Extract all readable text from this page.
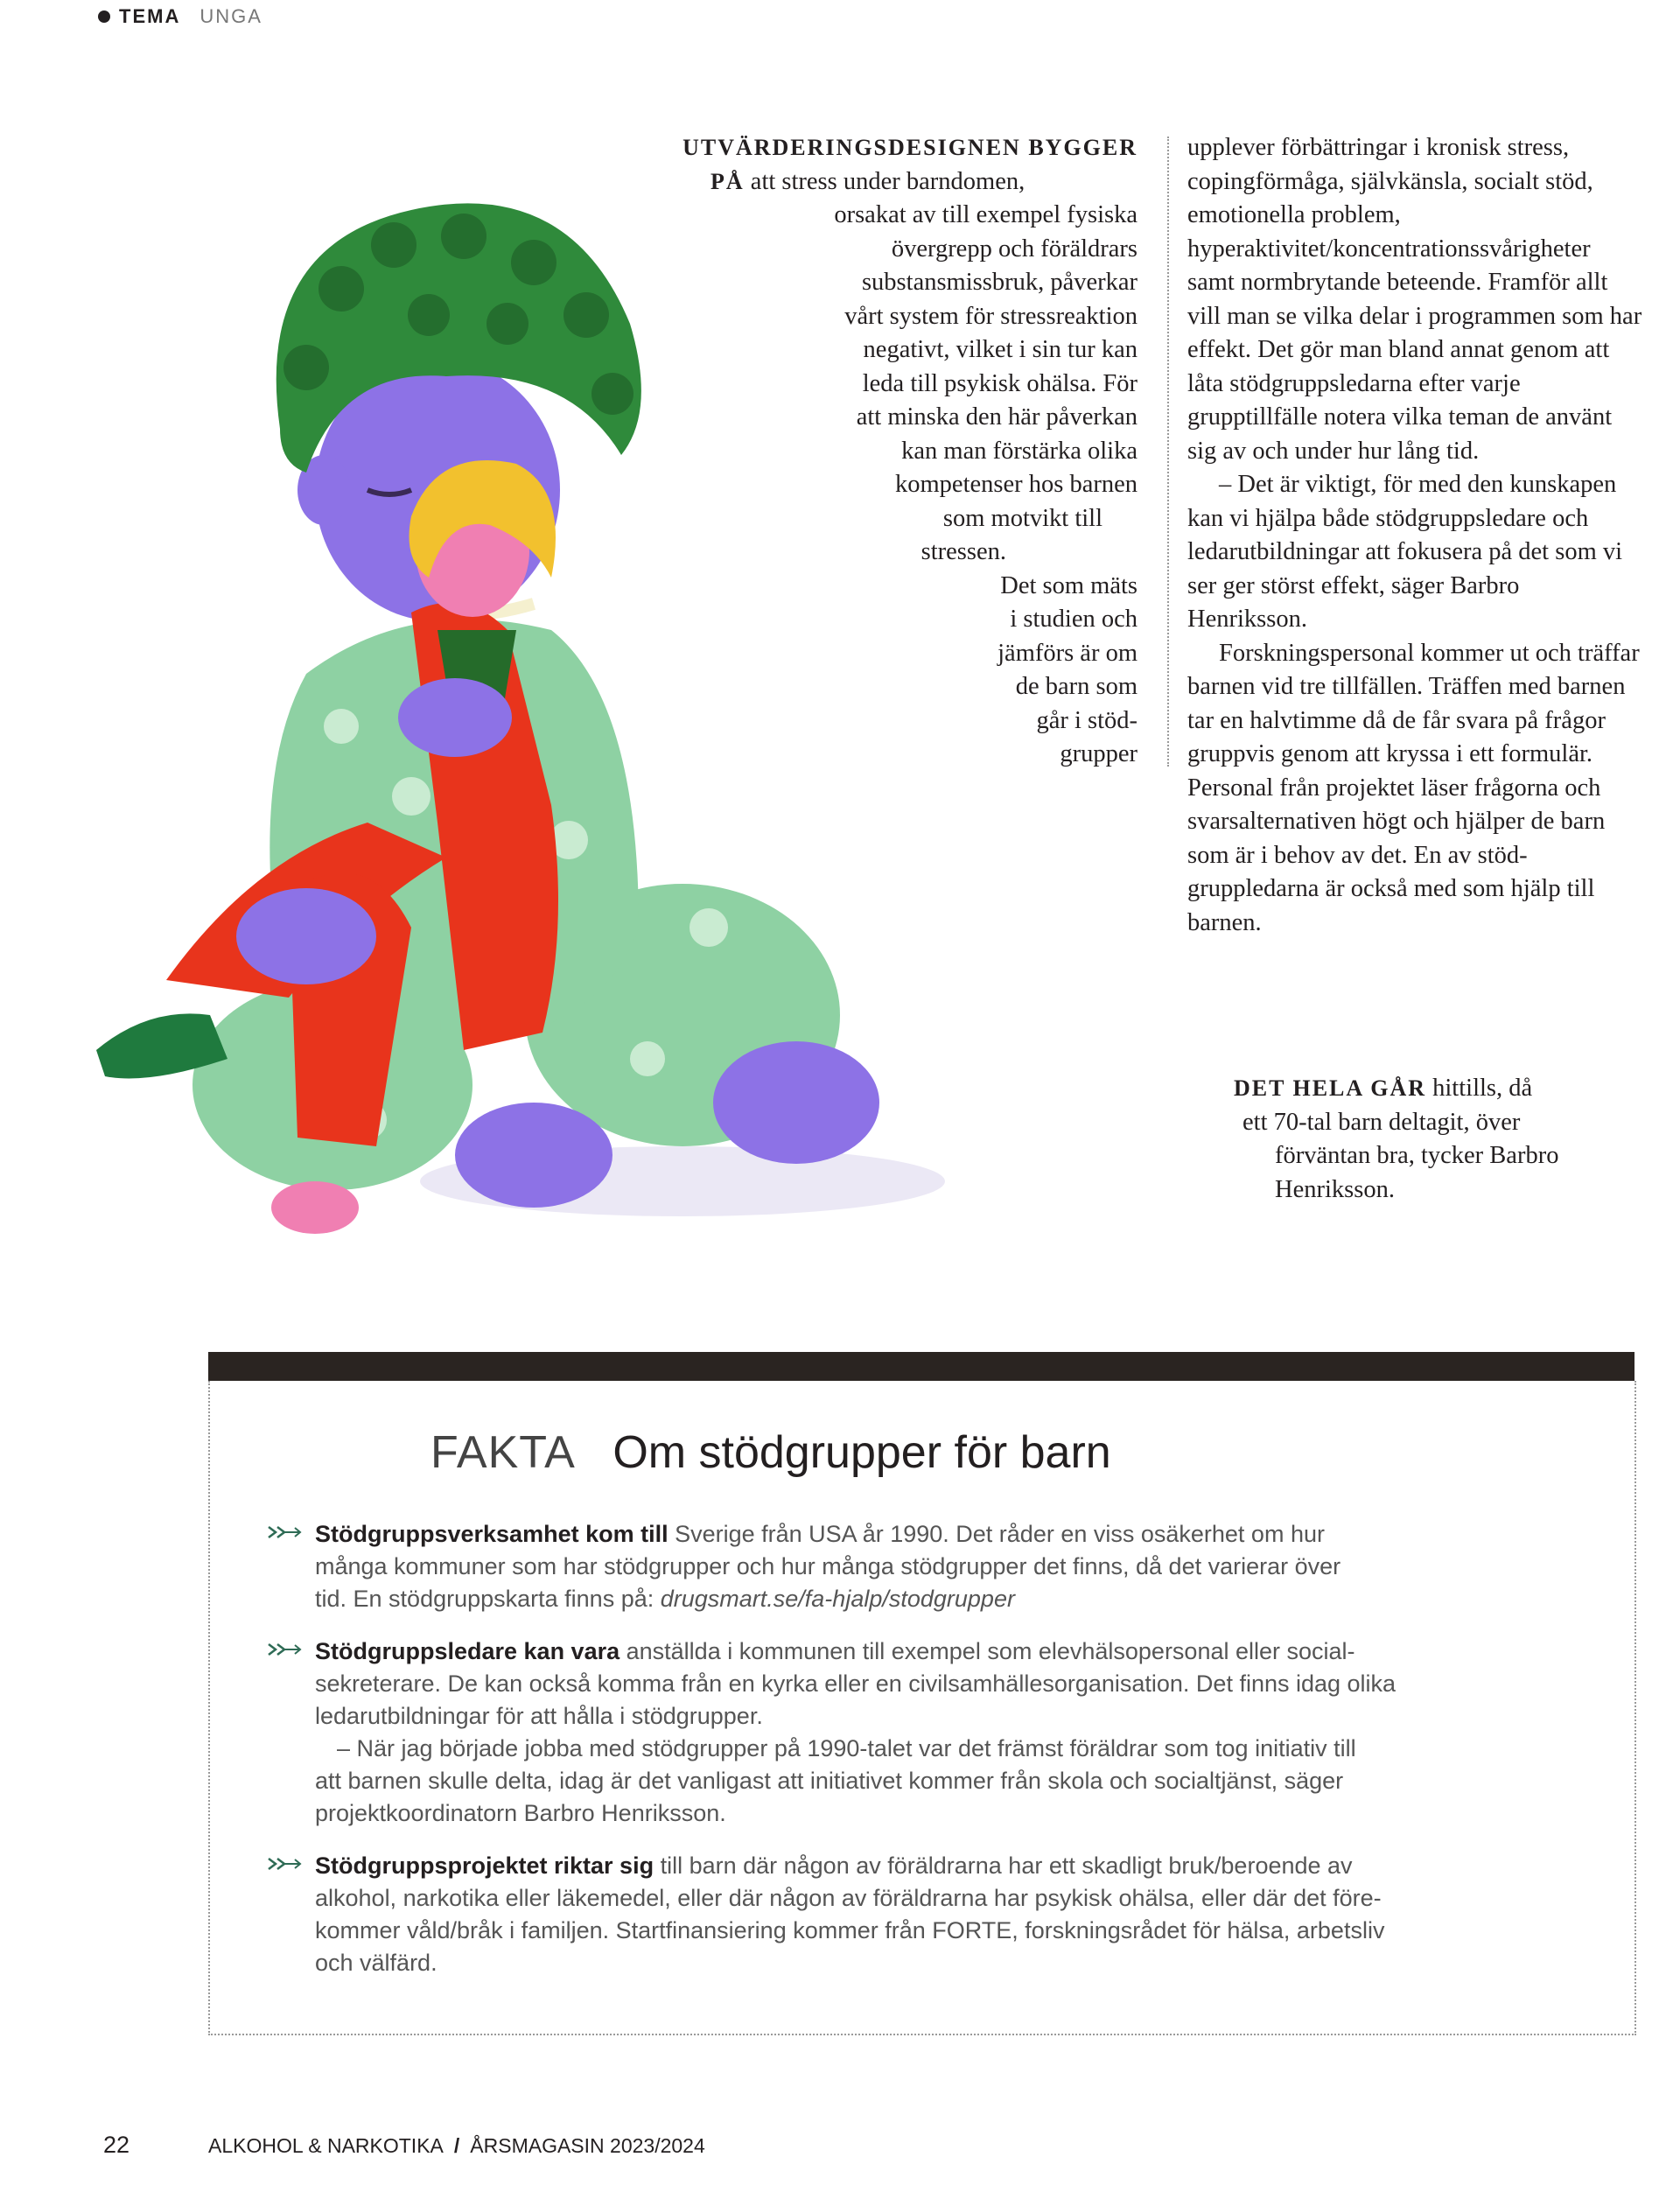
TEMA UNGA
UTVÄRDERINGSDESIGNEN BYGGER
PÅ att stress under barndomen,
orsakat av till exempel fysiska
övergrepp och föräldrars
substansmissbruk, påverkar
vårt system för stressreaktion
negativt, vilket i sin tur kan
leda till psykisk ohälsa. För
att minska den här påverkan
kan man förstärka olika
kompetenser hos barnen
som motvikt till
stressen.
Det som mäts
i studien och
jämförs är om
de barn som
går i stöd-
grupper

upplever förbättringar i kronisk stress, copingförmåga, självkänsla, socialt stöd, emotionella problem, hyperaktivitet/koncentrationssvårigheter samt normbrytande beteende. Framför allt vill man se vilka delar i programmen som har effekt. Det gör man bland annat genom att låta stödgruppsledarna efter varje grupptillfälle notera vilka teman de använt sig av och under hur lång tid.

– Det är viktigt, för med den kunskapen kan vi hjälpa både stödgruppsledare och ledarutbildningar att fokusera på det som vi ser ger störst effekt, säger Barbro Henriksson.

Forskningspersonal kommer ut och träffar barnen vid tre tillfällen. Träffen med barnen tar en halvtimme då de får svara på frågor gruppvis genom att kryssa i ett formulär. Personal från projektet läser frågorna och svarsalternativen högt och hjälper de barn som är i behov av det. En av stödgruppledarna är också med som hjälp till barnen.

DET HELA GÅR hittills, då
ett 70-tal barn deltagit, över
förväntan bra, tycker Barbro
Henriksson.
FAKTA Om stödgrupper för barn
Stödgruppsverksamhet kom till Sverige från USA år 1990. Det råder en viss osäkerhet om hur
många kommuner som har stödgrupper och hur många stödgrupper det finns, då det varierar över
tid. En stödgruppskarta finns på: drugsmart.se/fa-hjalp/stodgrupper
Stödgruppsledare kan vara anställda i kommunen till exempel som elevhälsopersonal eller social-
sekreterare. De kan också komma från en kyrka eller en civilsamhällesorganisation. Det finns idag olika
ledarutbildningar för att hålla i stödgrupper.
– När jag började jobba med stödgrupper på 1990-talet var det främst föräldrar som tog initiativ till
att barnen skulle delta, idag är det vanligast att initiativet kommer från skola och socialtjänst, säger
projektkoordinatorn Barbro Henriksson.
Stödgruppsprojektet riktar sig till barn där någon av föräldrarna har ett skadligt bruk/beroende av
alkohol, narkotika eller läkemedel, eller där någon av föräldrarna har psykisk ohälsa, eller där det före-
kommer våld/bråk i familjen. Startfinansiering kommer från FORTE, forskningsrådet för hälsa, arbetsliv
och välfärd.
22	ALKOHOL & NARKOTIKA / ÅRSMAGASIN 2023/2024
